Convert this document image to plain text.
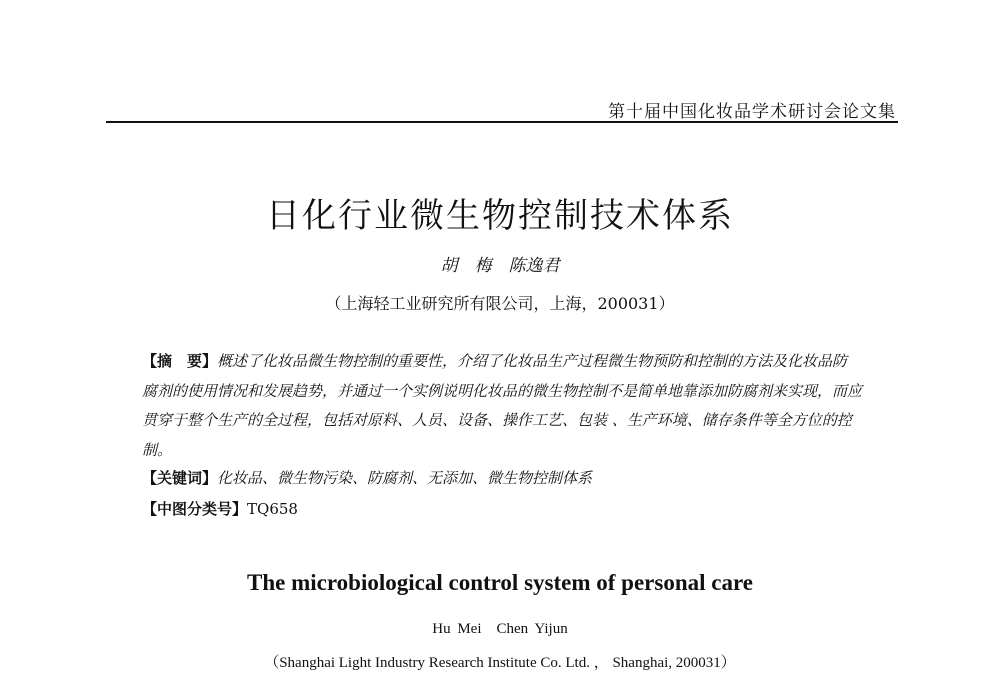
第十届中国化妆品学术研讨会论文集
日化行业微生物控制技术体系
胡　梅　陈逸君
（上海轻工业研究所有限公司，上海，200031）
【摘　要】概述了化妆品微生物控制的重要性，介绍了化妆品生产过程微生物预防和控制的方法及化妆品防腐剂的使用情况和发展趋势，并通过一个实例说明化妆品的微生物控制不是简单地靠添加防腐剂来实现，而应贯穿于整个生产的全过程，包括对原料、人员、设备、操作工艺、包装 、生产环境、储存条件等全方位的控制。
【关键词】化妆品、微生物污染、防腐剂、无添加、微生物控制体系
【中图分类号】TQ658
The microbiological control system of personal care
Hu Mei　Chen Yijun
（Shanghai Light Industry Research Institute Co. Ltd. ， Shanghai, 200031）
